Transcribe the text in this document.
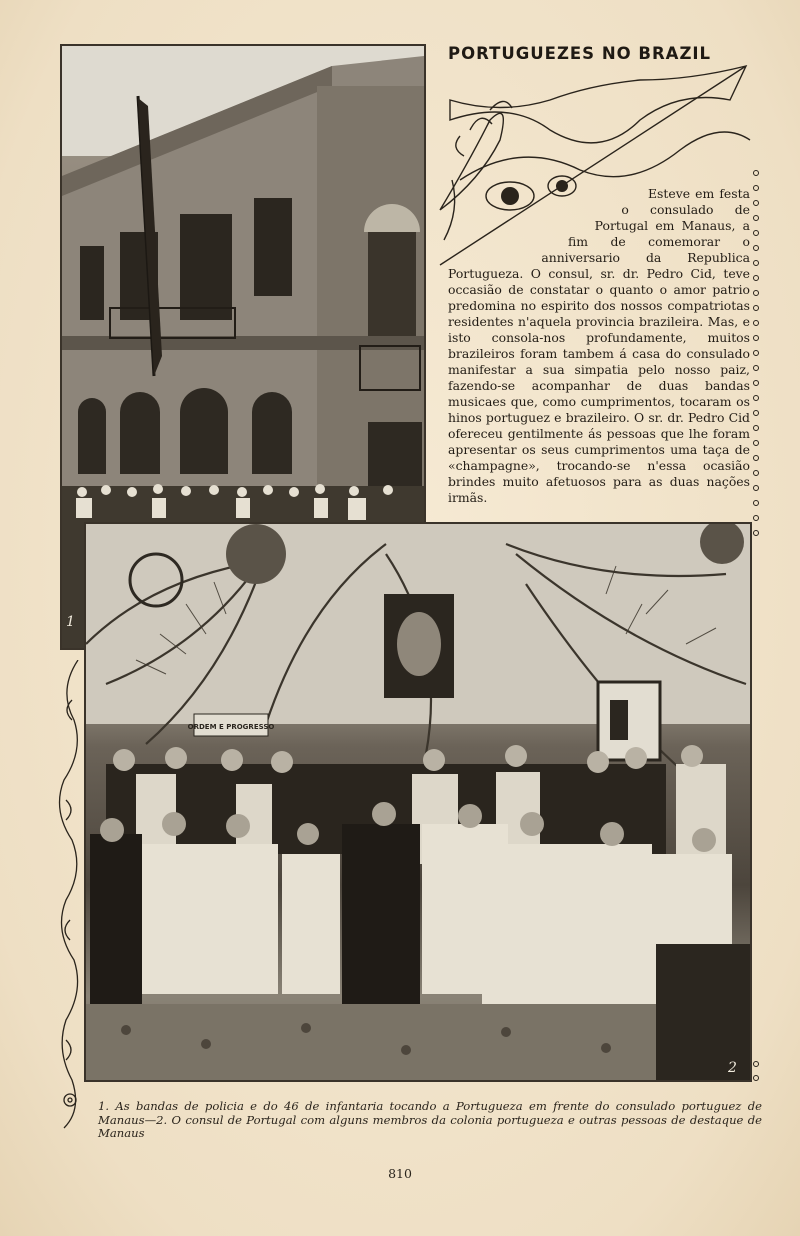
1
PORTUGUEZES NO BRAZIL

Esteve em festa o consulado de Portugal em Manaus, a fim de comemorar o anniversario da Republica Portugueza. O consul, sr. dr. Pedro Cid, teve occasião de constatar o quanto o amor patrio predomina no espirito dos nossos compatriotas residentes n'aquela provincia brazileira. Mas, e isto consola-nos profundamente, muitos brazileiros foram tambem á casa do consulado manifestar a sua simpatia pelo nosso paiz, fazendo-se acompanhar de duas bandas musicaes que, como cumprimentos, tocaram os hinos portuguez e brazileiro. O sr. dr. Pedro Cid ofereceu gentilmente ás pessoas que lhe foram apresentar os seus cumprimentos uma taça de «champagne», trocando-se n'essa ocasião brindes muito afetuosos para as duas nações irmãs.

ORDEM E PROGRESSO
2
1. As bandas de policia e do 46 de infantaria tocando a Portugueza em frente do consulado portuguez de Manaus—2. O consul de Portugal com alguns membros da colonia portugueza e outras pessoas de destaque de Manaus
810
